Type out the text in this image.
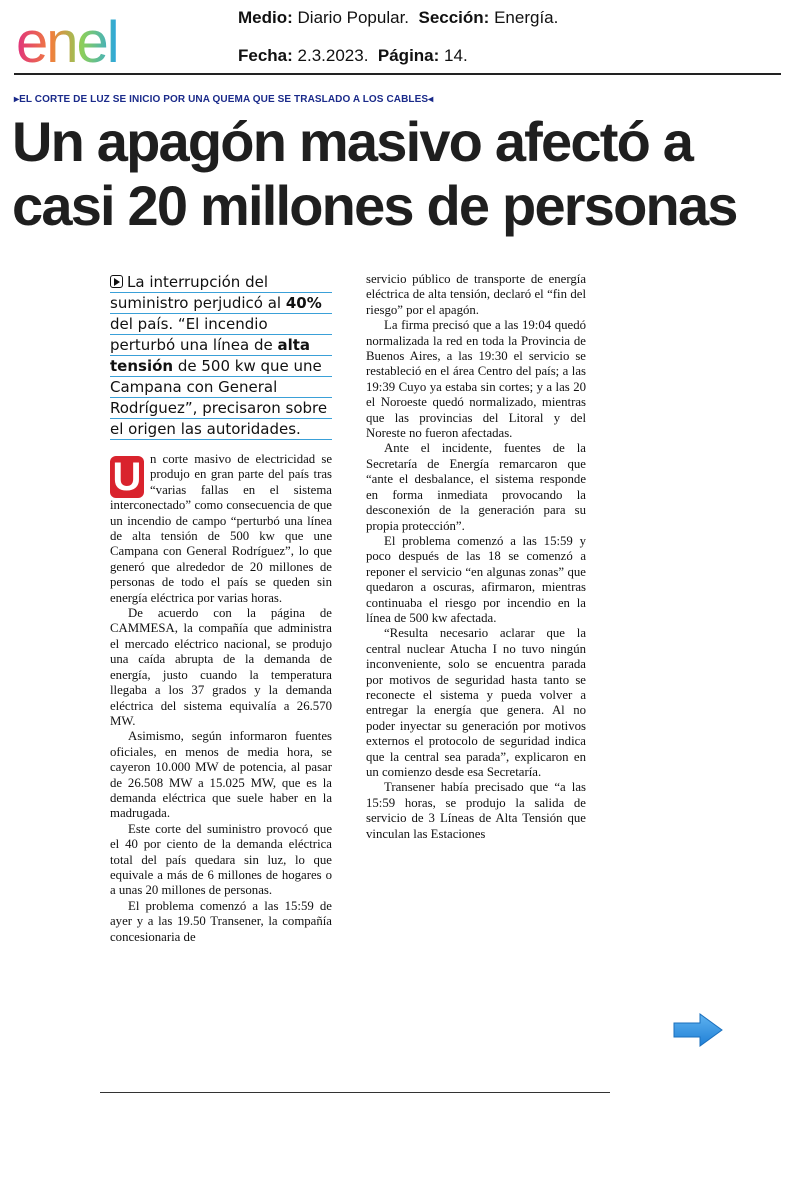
enel	Medio: Diario Popular. Sección: Energía.
Fecha: 2.3.2023. Página: 14.
▸EL CORTE DE LUZ SE INICIO POR UNA QUEMA QUE SE TRASLADO A LOS CABLES◂
Un apagón masivo afectó a
casi 20 millones de personas
La interrupción del
suministro perjudicó al 40%
del país. “El incendio
perturbó una línea de alta
tensión de 500 kw que une
Campana con General
Rodríguez”, precisaron sobre
el origen las autoridades.
U n corte masivo de electricidad se produjo en gran parte del país tras “varias fallas en el sistema interconectado” como consecuencia de que un incendio de campo “perturbó una línea de alta tensión de 500 kw que une Campana con General Rodríguez”, lo que generó que alrededor de 20 millones de personas de todo el país se queden sin energía eléctrica por varias horas.

De acuerdo con la página de CAMMESA, la compañía que administra el mercado eléctrico nacional, se produjo una caída abrupta de la demanda de energía, justo cuando la temperatura llegaba a los 37 grados y la demanda eléctrica del sistema equivalía a 26.570 MW.

Asimismo, según informaron fuentes oficiales, en menos de media hora, se cayeron 10.000 MW de potencia, al pasar de 26.508 MW a 15.025 MW, que es la demanda eléctrica que suele haber en la madrugada.

Este corte del suministro provocó que el 40 por ciento de la demanda eléctrica total del país quedara sin luz, lo que equivale a más de 6 millones de hogares o a unas 20 millones de personas.

El problema comenzó a las 15:59 de ayer y a las 19.50 Transener, la compañía concesionaria de

servicio público de transporte de energía eléctrica de alta tensión, declaró el “fin del riesgo” por el apagón.

La firma precisó que a las 19:04 quedó normalizada la red en toda la Provincia de Buenos Aires, a las 19:30 el servicio se restableció en el área Centro del país; a las 19:39 Cuyo ya estaba sin cortes; y a las 20 el Noroeste quedó normalizado, mientras que las provincias del Litoral y del Noreste no fueron afectadas.

Ante el incidente, fuentes de la Secretaría de Energía remarcaron que “ante el desbalance, el sistema responde en forma inmediata provocando la desconexión de la generación para su propia protección”.

El problema comenzó a las 15:59 y poco después de las 18 se comenzó a reponer el servicio “en algunas zonas” que quedaron a oscuras, afirmaron, mientras continuaba el riesgo por incendio en la línea de 500 kw afectada.

“Resulta necesario aclarar que la central nuclear Atucha I no tuvo ningún inconveniente, solo se encuentra parada por motivos de seguridad hasta tanto se reconecte el sistema y pueda volver a entregar la energía que genera. Al no poder inyectar su generación por motivos externos el protocolo de seguridad indica que la central sea parada”, explicaron en un comienzo desde esa Secretaría.

Transener había precisado que “a las 15:59 horas, se produjo la salida de servicio de 3 Líneas de Alta Tensión que vinculan las Estaciones
